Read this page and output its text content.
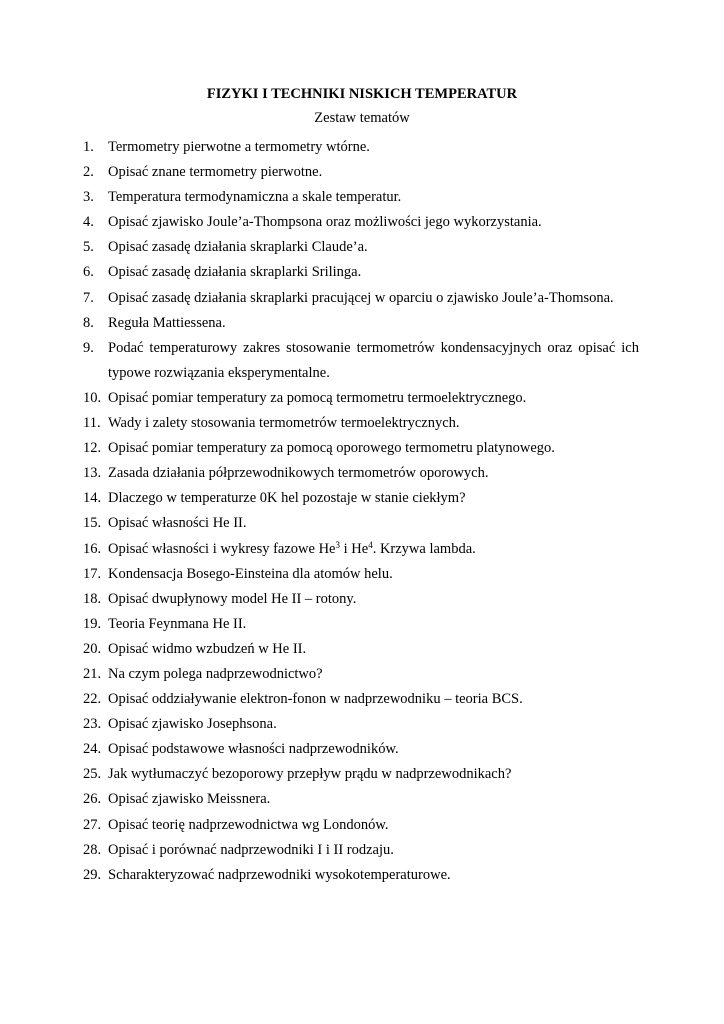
FIZYKI I TECHNIKI NISKICH TEMPERATUR
Zestaw tematów
1. Termometry pierwotne a termometry wtórne.
2. Opisać znane termometry pierwotne.
3. Temperatura termodynamiczna a skale temperatur.
4. Opisać zjawisko Joule’a-Thompsona oraz możliwości jego wykorzystania.
5. Opisać zasadę działania skraplarki Claude’a.
6. Opisać zasadę działania skraplarki Srilinga.
7. Opisać zasadę działania skraplarki pracującej w oparciu o zjawisko Joule’a-Thomsona.
8. Reguła Mattiessena.
9. Podać temperaturowy zakres stosowanie termometrów kondensacyjnych oraz opisać ich typowe rozwiązania eksperymentalne.
10. Opisać pomiar temperatury za pomocą termometru termoelektrycznego.
11. Wady i zalety stosowania termometrów termoelektrycznych.
12. Opisać pomiar temperatury za pomocą oporowego termometru platynowego.
13. Zasada działania półprzewodnikowych termometrów oporowych.
14. Dlaczego w temperaturze 0K hel pozostaje w stanie ciekłym?
15. Opisać własności He II.
16. Opisać własności i wykresy fazowe He$^3$ i He$^4$. Krzywa lambda.
17. Kondensacja Bosego-Einsteina dla atomów helu.
18. Opisać dwupłynowy model He II – rotony.
19. Teoria Feynmana He II.
20. Opisać widmo wzbudzeń w He II.
21. Na czym polega nadprzewodnictwo?
22. Opisać oddziaływanie elektron-fonon w nadprzewodniku – teoria BCS.
23. Opisać zjawisko Josephsona.
24. Opisać podstawowe własności nadprzewodników.
25. Jak wytłumaczyć bezoporowy przepływ prądu w nadprzewodnikach?
26. Opisać zjawisko Meissnera.
27. Opisać teorię nadprzewodnictwa wg Londonów.
28. Opisać i porównać nadprzewodniki I i II rodzaju.
29. Scharakteryzować nadprzewodniki wysokotemperaturowe.
